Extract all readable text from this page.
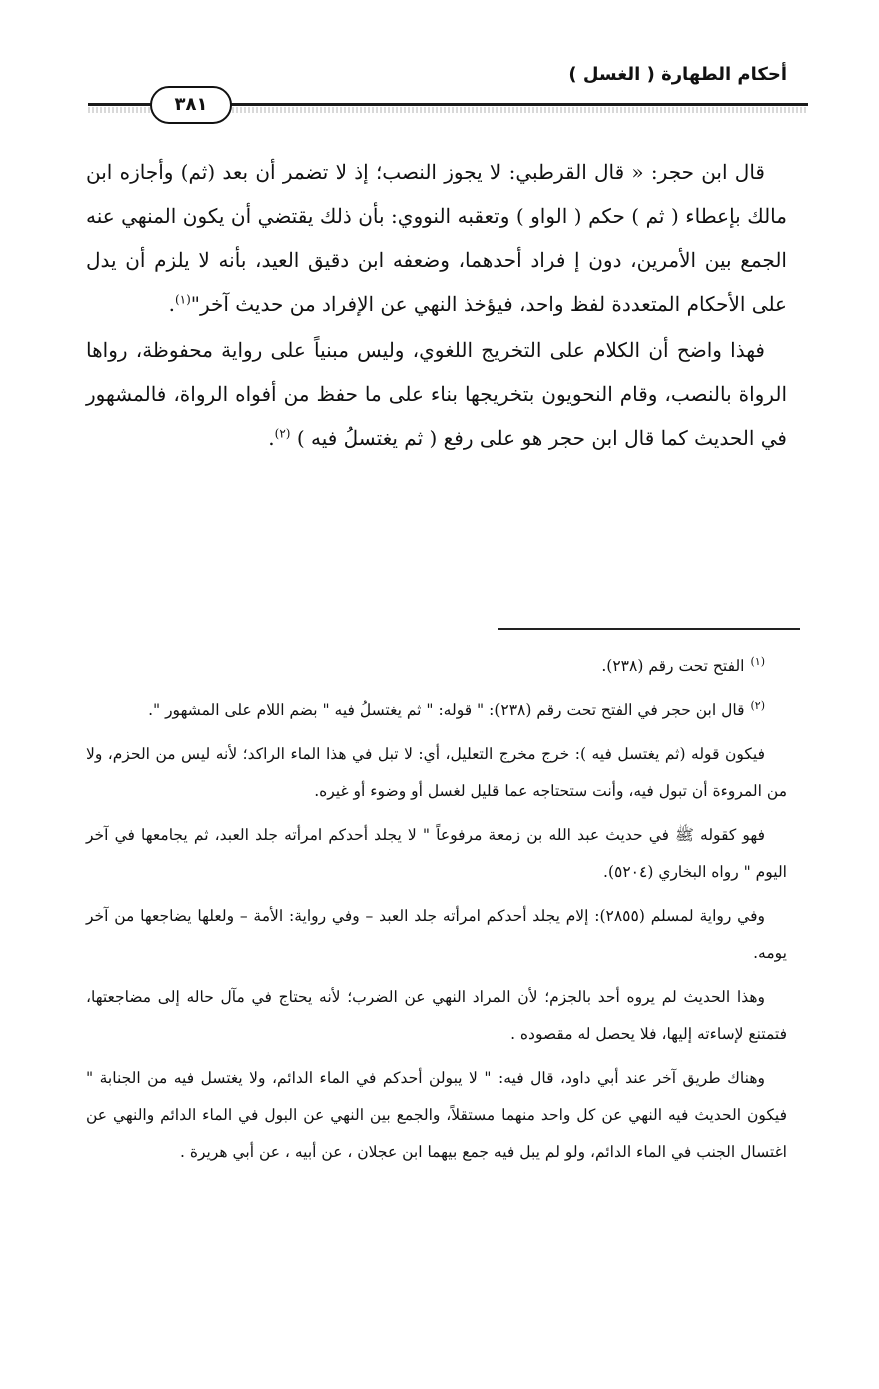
أحكام الطهارة ( الغسل )
٣٨١

قال ابن حجر: « قال القرطبي: لا يجوز النصب؛ إذ لا تضمر أن بعد (ثم) وأجازه ابن مالك بإعطاء ( ثم ) حكم ( الواو ) وتعقبه النووي: بأن ذلك يقتضي أن يكون المنهي عنه الجمع بين الأمرين، دون إ فراد أحدهما، وضعفه ابن دقيق العيد، بأنه لا يلزم أن يدل على الأحكام المتعددة لفظ واحد، فيؤخذ النهي عن الإفراد من حديث آخر"$^{(١)}$.

فهذا واضح أن الكلام على التخريج اللغوي، وليس مبنياً على رواية محفوظة، رواها الرواة بالنصب، وقام النحويون بتخريجها بناء على ما حفظ من أفواه الرواة، فالمشهور في الحديث كما قال ابن حجر هو على رفع ( ثم يغتسلُ فيه ) $^{(٢)}$.

$^{(١)}$الفتح تحت رقم (٢٣٨).

$^{(٢)}$قال ابن حجر في الفتح تحت رقم (٢٣٨): " قوله: " ثم يغتسلُ فيه " بضم اللام على المشهور ".

فيكون قوله (ثم يغتسل فيه ): خرج مخرج التعليل، أي: لا تبل في هذا الماء الراكد؛ لأنه ليس من الحزم، ولا من المروءة أن تبول فيه، وأنت ستحتاجه عما قليل لغسل أو وضوء أو غيره.

فهو كقوله ﷺ في حديث عبد الله بن زمعة مرفوعاً " لا يجلد أحدكم امرأته جلد العبد، ثم يجامعها في آخر اليوم " رواه البخاري (٥٢٠٤).

وفي رواية لمسلم (٢٨٥٥): إلام يجلد أحدكم امرأته جلد العبد – وفي رواية: الأمة – ولعلها يضاجعها من آخر يومه.

وهذا الحديث لم يروه أحد بالجزم؛ لأن المراد النهي عن الضرب؛ لأنه يحتاج في مآل حاله إلى مضاجعتها، فتمتنع لإساءته إليها، فلا يحصل له مقصوده .

وهناك طريق آخر عند أبي داود، قال فيه: " لا يبولن أحدكم في الماء الدائم، ولا يغتسل فيه من الجنابة " فيكون الحديث فيه النهي عن كل واحد منهما مستقلاً، والجمع بين النهي عن البول في الماء الدائم والنهي عن اغتسال الجنب في الماء الدائم، ولو لم يبل فيه جمع بيهما ابن عجلان ، عن أبيه ، عن أبي هريرة .
